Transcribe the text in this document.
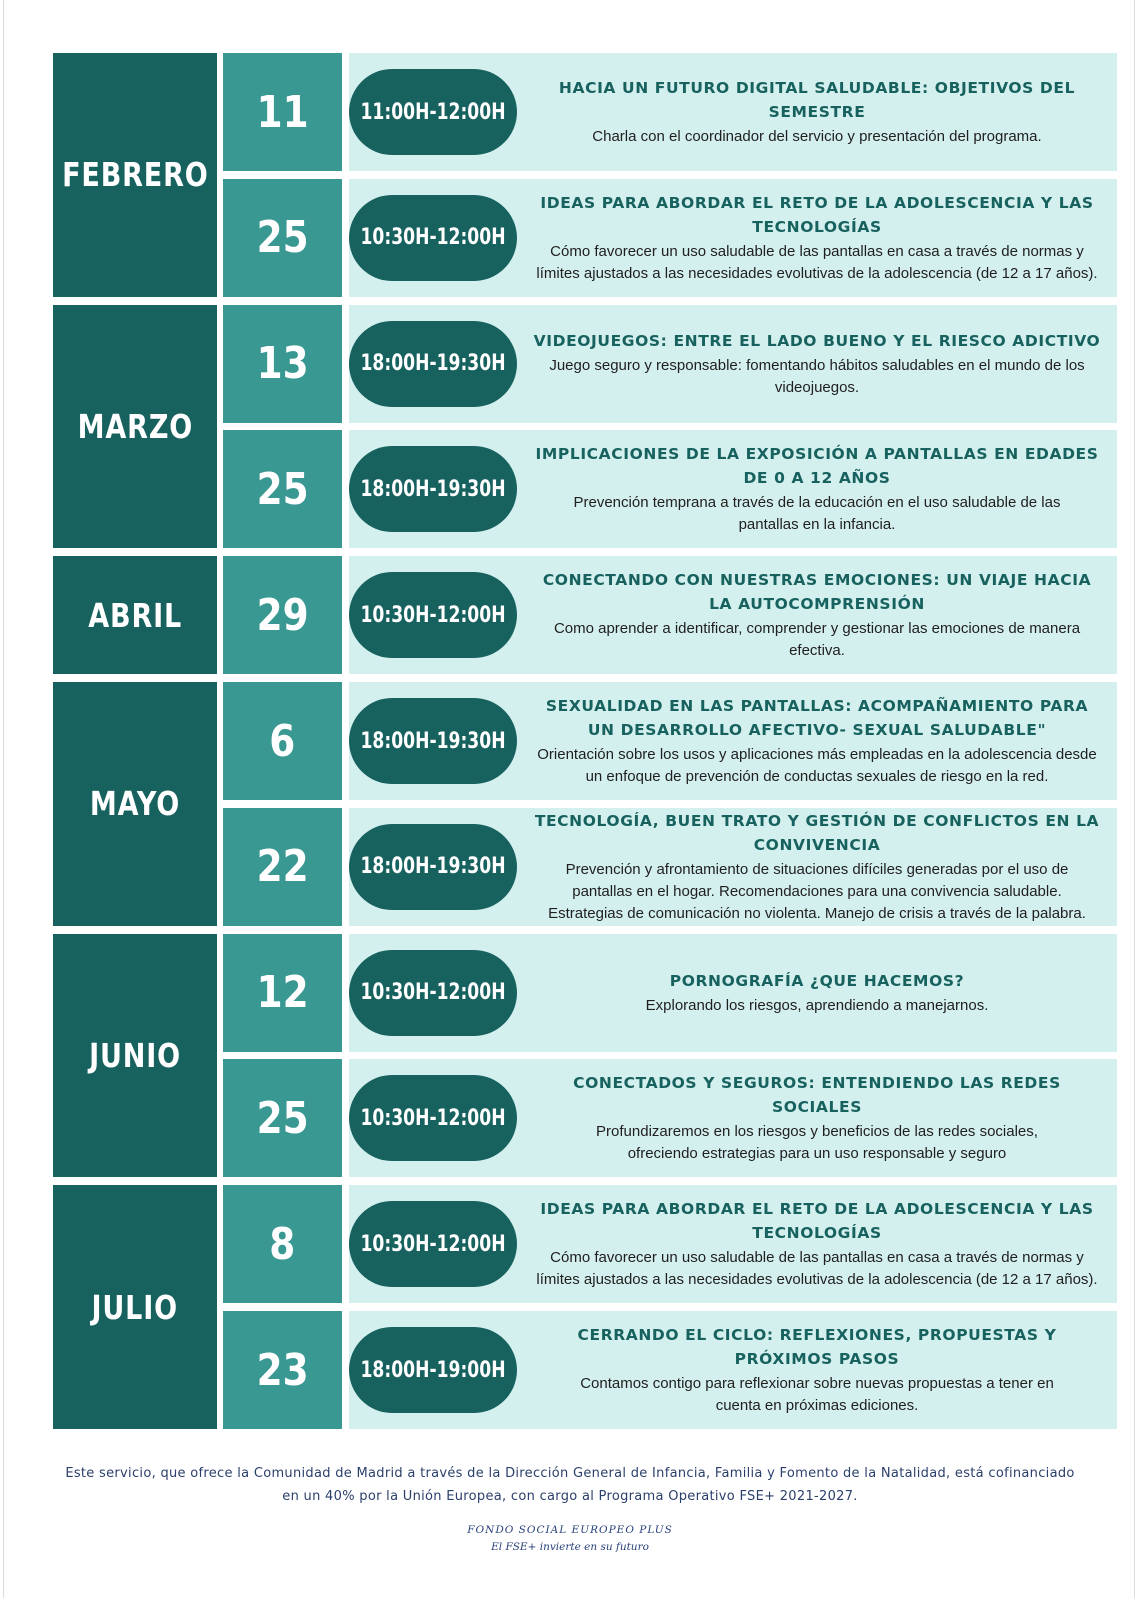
FEBRERO
11 11:00H-12:00H
HACIA UN FUTURO DIGITAL SALUDABLE: OBJETIVOS DEL SEMESTRE
Charla con el coordinador del servicio y presentación del programa.
25 10:30H-12:00H
IDEAS PARA ABORDAR EL RETO DE LA ADOLESCENCIA Y LAS TECNOLOGÍAS
Cómo favorecer un uso saludable de las pantallas en casa a través de normas y
límites ajustados a las necesidades evolutivas de la adolescencia (de 12 a 17 años).
MARZO
13 18:00H-19:30H
VIDEOJUEGOS: ENTRE EL LADO BUENO Y EL RIESCO ADICTIVO
Juego seguro y responsable: fomentando hábitos saludables en el mundo de los
videojuegos.
25 18:00H-19:30H
IMPLICACIONES DE LA EXPOSICIÓN A PANTALLAS EN EDADES DE 0 A 12 AÑOS
Prevención temprana a través de la educación en el uso saludable de las
pantallas en la infancia.
ABRIL 29 10:30H-12:00H
CONECTANDO CON NUESTRAS EMOCIONES: UN VIAJE HACIA LA AUTOCOMPRENSIÓN
Como aprender a identificar, comprender y gestionar las emociones de manera
efectiva.
MAYO
6	18:00H-19:30H
SEXUALIDAD EN LAS PANTALLAS: ACOMPAÑAMIENTO PARA UN DESARROLLO AFECTIVO- SEXUAL SALUDABLE"
Orientación sobre los usos y aplicaciones más empleadas en la adolescencia desde
un enfoque de prevención de conductas sexuales de riesgo en la red.
22 18:00H-19:30H
TECNOLOGÍA, BUEN TRATO Y GESTIÓN DE CONFLICTOS EN LA CONVIVENCIA
Prevención y afrontamiento de situaciones difíciles generadas por el uso de
pantallas en el hogar. Recomendaciones para una convivencia saludable.
Estrategias de comunicación no violenta. Manejo de crisis a través de la palabra.
JUNIO
12 10:30H-12:00H	PORNOGRAFÍA ¿QUE HACEMOS?
Explorando los riesgos, aprendiendo a manejarnos.
25 10:30H-12:00H
CONECTADOS Y SEGUROS: ENTENDIENDO LAS REDES SOCIALES
Profundizaremos en los riesgos y beneficios de las redes sociales,
ofreciendo estrategias para un uso responsable y seguro
JULIO
8	10:30H-12:00H
IDEAS PARA ABORDAR EL RETO DE LA ADOLESCENCIA Y LAS TECNOLOGÍAS
Cómo favorecer un uso saludable de las pantallas en casa a través de normas y
límites ajustados a las necesidades evolutivas de la adolescencia (de 12 a 17 años).
23 18:00H-19:00H
CERRANDO EL CICLO: REFLEXIONES, PROPUESTAS Y PRÓXIMOS PASOS
Contamos contigo para reflexionar sobre nuevas propuestas a tener en
cuenta en próximas ediciones.
Este servicio, que ofrece la Comunidad de Madrid a través de la Dirección General de Infancia, Familia y Fomento de la Natalidad, está cofinanciado
en un 40% por la Unión Europea, con cargo al Programa Operativo FSE+ 2021-2027.
FONDO SOCIAL EUROPEO PLUS
El FSE+ invierte en su futuro
